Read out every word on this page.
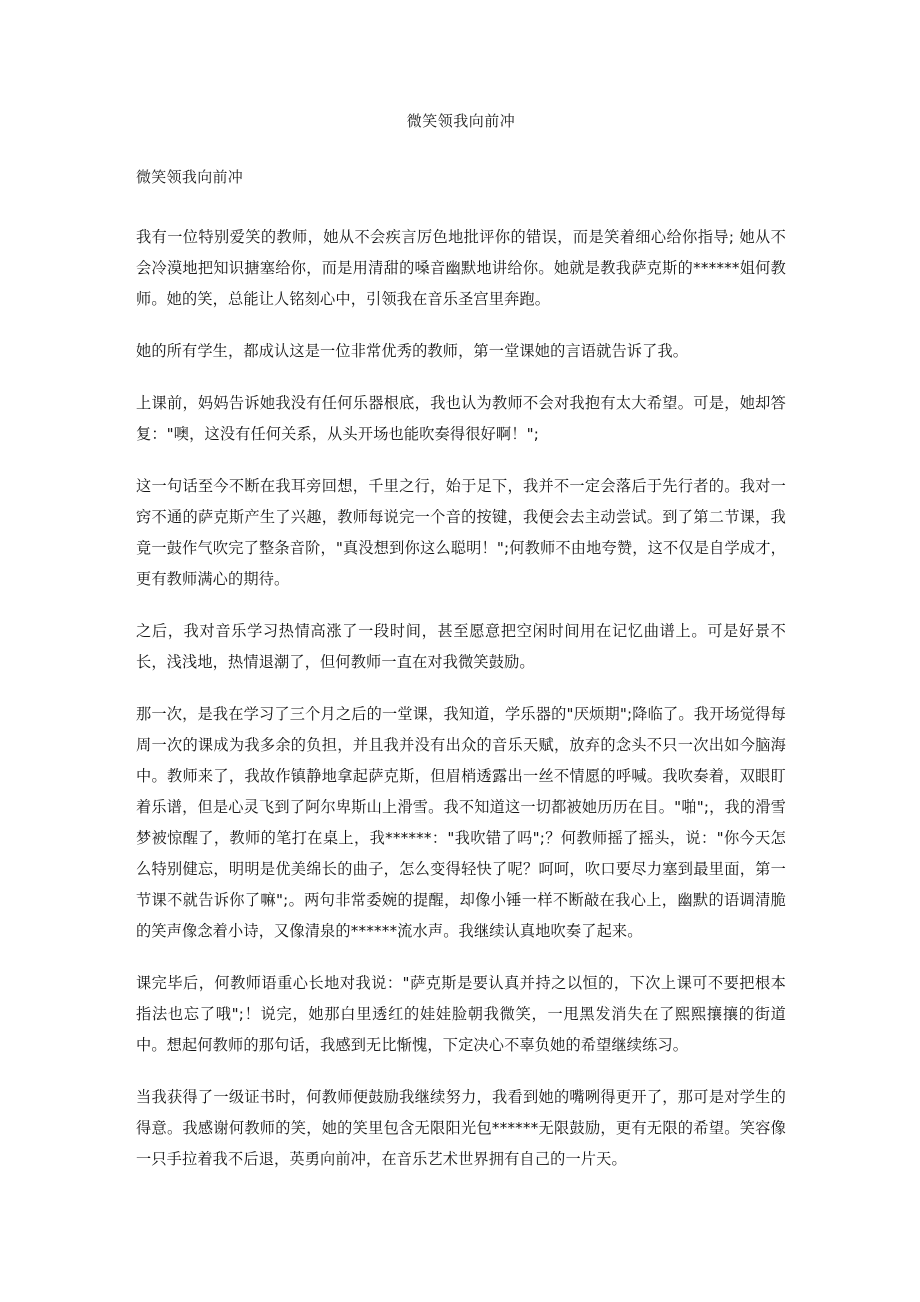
微笑领我向前冲

微笑领我向前冲

我有一位特别爱笑的教师，她从不会疾言厉色地批评你的错误，而是笑着细心给你指导; 她从不会冷漠地把知识搪塞给你，而是用清甜的嗓音幽默地讲给你。她就是教我萨克斯的******姐何教师。她的笑，总能让人铭刻心中，引领我在音乐圣宫里奔跑。

她的所有学生，都成认这是一位非常优秀的教师，第一堂课她的言语就告诉了我。

上课前，妈妈告诉她我没有任何乐器根底，我也认为教师不会对我抱有太大希望。可是，她却答复："噢，这没有任何关系，从头开场也能吹奏得很好啊！";

这一句话至今不断在我耳旁回想，千里之行，始于足下，我并不一定会落后于先行者的。我对一窍不通的萨克斯产生了兴趣，教师每说完一个音的按键，我便会去主动尝试。到了第二节课，我竟一鼓作气吹完了整条音阶，"真没想到你这么聪明！";何教师不由地夸赞，这不仅是自学成才，更有教师满心的期待。

之后，我对音乐学习热情高涨了一段时间，甚至愿意把空闲时间用在记忆曲谱上。可是好景不长，浅浅地，热情退潮了，但何教师一直在对我微笑鼓励。

那一次，是我在学习了三个月之后的一堂课，我知道，学乐器的"厌烦期";降临了。我开场觉得每周一次的课成为我多余的负担，并且我并没有出众的音乐天赋，放弃的念头不只一次出如今脑海中。教师来了，我故作镇静地拿起萨克斯，但眉梢透露出一丝不情愿的呼喊。我吹奏着，双眼盯着乐谱，但是心灵飞到了阿尔卑斯山上滑雪。我不知道这一切都被她历历在目。"啪";，我的滑雪梦被惊醒了，教师的笔打在桌上，我******："我吹错了吗";？何教师摇了摇头，说："你今天怎么特别健忘，明明是优美绵长的曲子，怎么变得轻快了呢？呵呵，吹口要尽力塞到最里面，第一节课不就告诉你了嘛";。两句非常委婉的提醒，却像小锤一样不断敲在我心上，幽默的语调清脆的笑声像念着小诗，又像清泉的******流水声。我继续认真地吹奏了起来。

课完毕后，何教师语重心长地对我说："萨克斯是要认真并持之以恒的，下次上课可不要把根本指法也忘了哦";！说完，她那白里透红的娃娃脸朝我微笑，一甩黑发消失在了熙熙攘攘的街道中。想起何教师的那句话，我感到无比惭愧，下定决心不辜负她的希望继续练习。

当我获得了一级证书时，何教师便鼓励我继续努力，我看到她的嘴咧得更开了，那可是对学生的得意。我感谢何教师的笑，她的笑里包含无限阳光包******无限鼓励，更有无限的希望。笑容像一只手拉着我不后退，英勇向前冲，在音乐艺术世界拥有自己的一片天。
